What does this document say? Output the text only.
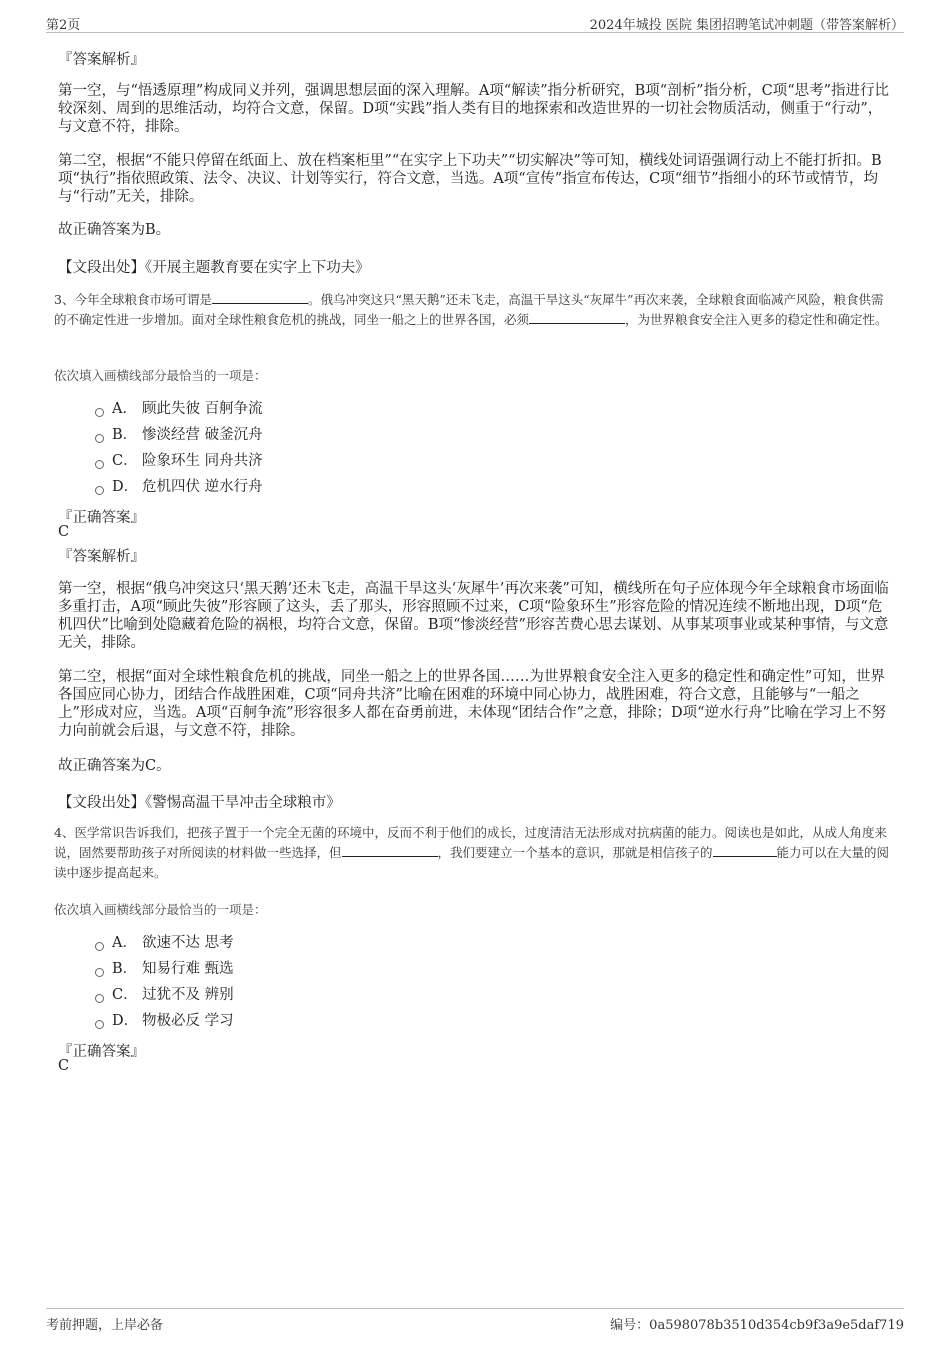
第2页	2024年城投 医院 集团招聘笔试冲刺题（带答案解析）
『答案解析』
第一空，与“悟透原理”构成同义并列，强调思想层面的深入理解。A项“解读”指分析研究，B项“剖析”指分析，C项“思考”指进行比较深刻、周到的思维活动，均符合文意，保留。D项“实践”指人类有目的地探索和改造世界的一切社会物质活动，侧重于“行动”，与文意不符，排除。
第二空，根据“不能只停留在纸面上、放在档案柜里”“在实字上下功夫”“切实解决”等可知，横线处词语强调行动上不能打折扣。B项“执行”指依照政策、法令、决议、计划等实行，符合文意，当选。A项“宣传”指宣布传达，C项“细节”指细小的环节或情节，均与“行动”无关，排除。
故正确答案为B。
【文段出处】《开展主题教育要在实字上下功夫》
3、今年全球粮食市场可谓是	。俄乌冲突这只“黑天鹅”还未飞走，高温干旱这头“灰犀牛”再次来袭，全球粮食面临减产风险，粮食供需的不确定性进一步增加。面对全球性粮食危机的挑战，同坐一船之上的世界各国，必须	，为世界粮食安全注入更多的稳定性和确定性。
依次填入画横线部分最恰当的一项是：
A． 顾此失彼 百舸争流
B． 惨淡经营 破釜沉舟
C． 险象环生 同舟共济
D． 危机四伏 逆水行舟
『正确答案』
C
『答案解析』
第一空，根据“俄乌冲突这只‘黑天鹅’还未飞走，高温干旱这头‘灰犀牛’再次来袭”可知，横线所在句子应体现今年全球粮食市场面临多重打击，A项“顾此失彼”形容顾了这头，丢了那头，形容照顾不过来，C项“险象环生”形容危险的情况连续不断地出现，D项“危机四伏”比喻到处隐藏着危险的祸根，均符合文意，保留。B项“惨淡经营”形容苦费心思去谋划、从事某项事业或某种事情，与文意无关，排除。
第二空，根据“面对全球性粮食危机的挑战，同坐一船之上的世界各国……为世界粮食安全注入更多的稳定性和确定性”可知，世界各国应同心协力，团结合作战胜困难，C项“同舟共济”比喻在困难的环境中同心协力，战胜困难，符合文意，且能够与“一船之上”形成对应，当选。A项“百舸争流”形容很多人都在奋勇前进，未体现“团结合作”之意，排除；D项“逆水行舟”比喻在学习上不努力向前就会后退，与文意不符，排除。
故正确答案为C。
【文段出处】《警惕高温干旱冲击全球粮市》
4、医学常识告诉我们，把孩子置于一个完全无菌的环境中，反而不利于他们的成长，过度清洁无法形成对抗病菌的能力。阅读也是如此，从成人角度来说，固然要帮助孩子对所阅读的材料做一些选择，但	，我们要建立一个基本的意识，那就是相信孩子的	能力可以在大量的阅读中逐步提高起来。
依次填入画横线部分最恰当的一项是：
A． 欲速不达 思考
B． 知易行难 甄选
C． 过犹不及 辨别
D． 物极必反 学习
『正确答案』
C
考前押题，上岸必备	编号：0a598078b3510d354cb9f3a9e5daf719
